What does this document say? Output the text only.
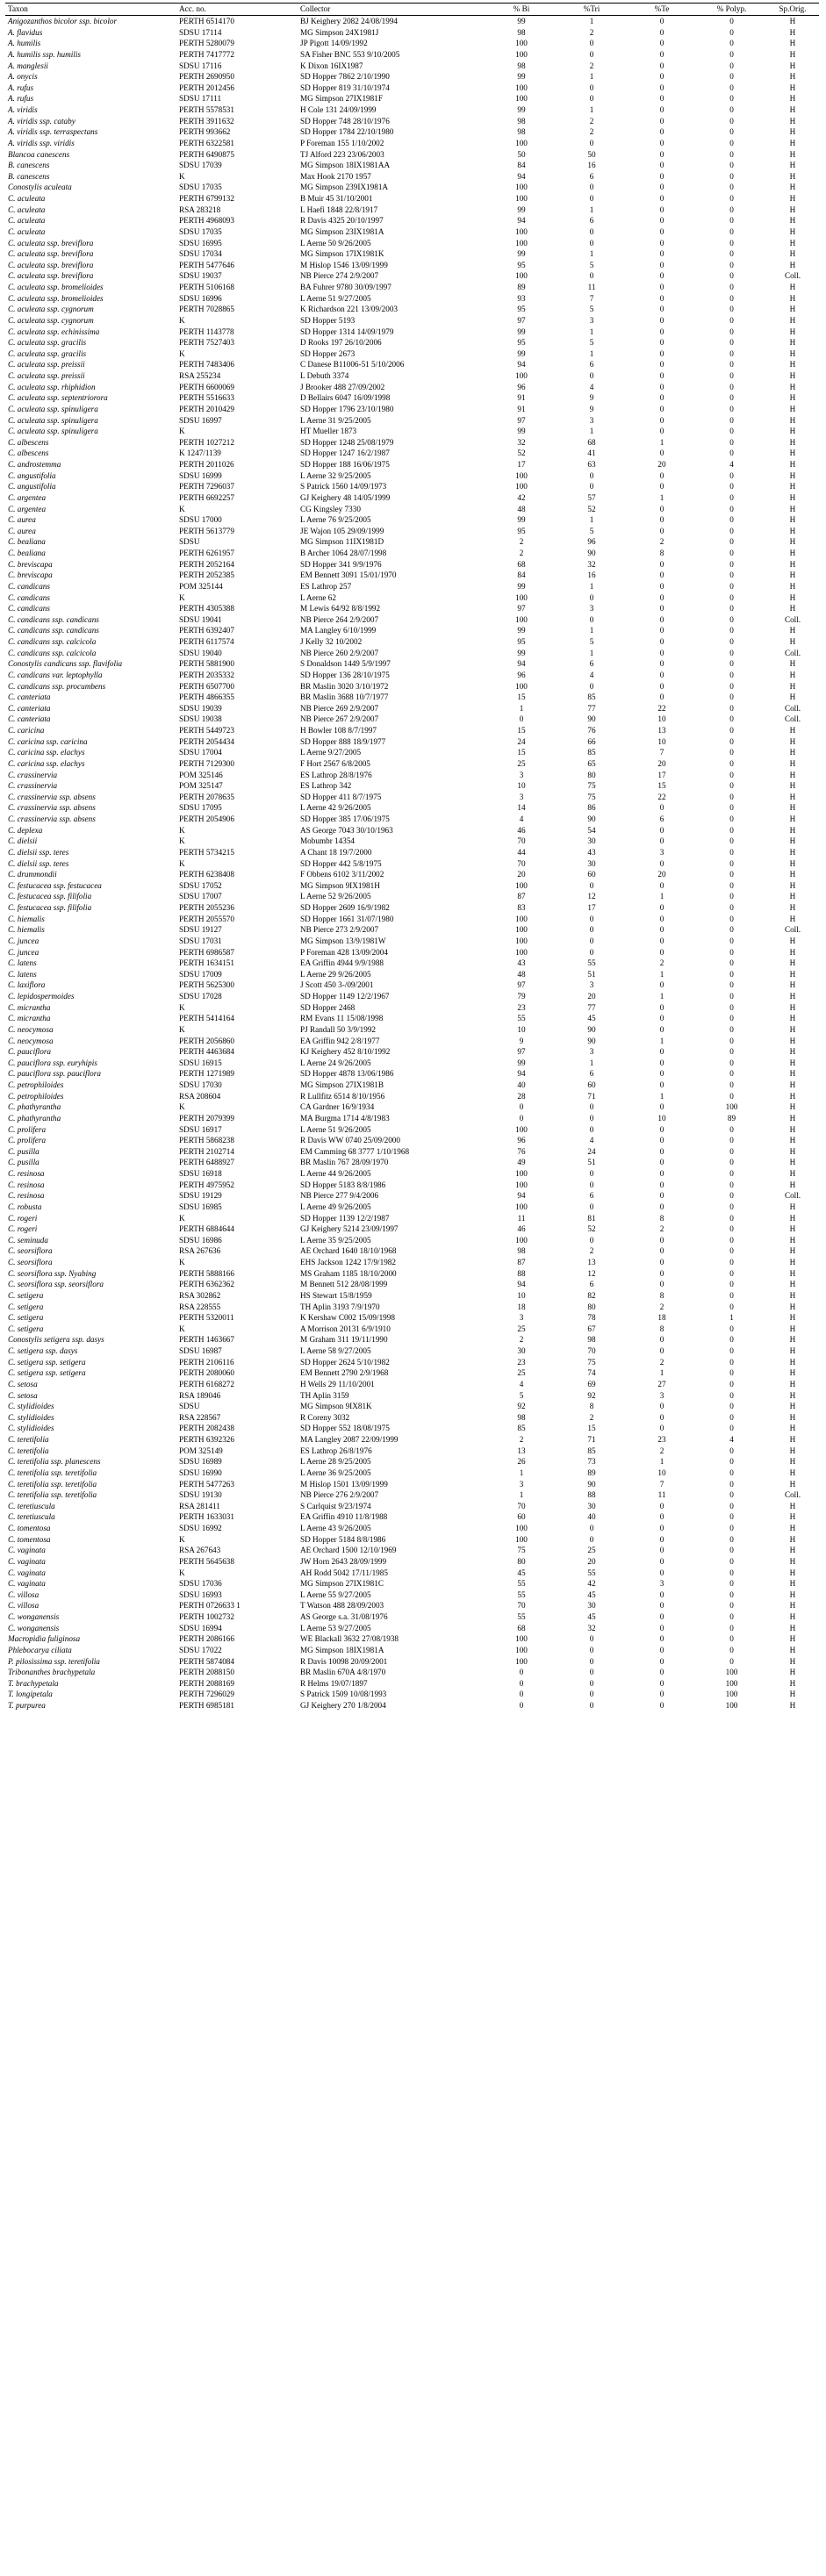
Taxon	Acc. no.	Collector	% Bi	%Tri	%Te	% Polyp.	Sp.Orig.
Anigozanthos bicolor ssp. bicolor	PERTH 6514170	BJ Keighery 2082 24/08/1994	99	1	0	0	H
A. flavidus	SDSU 17114	MG Simpson 24X1981J	98	2	0	0	H
A. humilis	PERTH 5280079	JP Pigott 14/09/1992	100	0	0	0	H
A. humilis ssp. humilis	PERTH 7417772	SA Fisher BNC 553 9/10/2005	100	0	0	0	H
A. manglesii	SDSU 17116	K Dixon 16IX1987	98	2	0	0	H
A. onycis	PERTH 2690950	SD Hopper 7862 2/10/1990	99	1	0	0	H
A. rufus	PERTH 2012456	SD Hopper 819 31/10/1974	100	0	0	0	H
A. rufus	SDSU 17111	MG Simpson 27IX1981F	100	0	0	0	H
A. viridis	PERTH 5578531	H Cole 131 24/09/1999	99	1	0	0	H
A. viridis ssp. cataby	PERTH 3911632	SD Hopper 748 28/10/1976	98	2	0	0	H
A. viridis ssp. terraspectans	PERTH 993662	SD Hopper 1784 22/10/1980	98	2	0	0	H
A. viridis ssp. viridis	PERTH 6322581	P Foreman 155 1/10/2002	100	0	0	0	H
Blancoa canescens	PERTH 6490875	TJ Alford 223 23/06/2003	50	50	0	0	H
B. canescens	SDSU 17039	MG Simpson 18IX1981AA	84	16	0	0	H
B. canescens	K	Max Hook 2170 1957	94	6	0	0	H
Conostylis aculeata	SDSU 17035	MG Simpson 239IX1981A	100	0	0	0	H
C. aculeata	PERTH 6799132	B Muir 45 31/10/2001	100	0	0	0	H
C. aculeata	RSA 283218	L Haefi 1848 22/8/1917	99	1	0	0	H
C. aculeata	PERTH 4968093	R Davis 4325 20/10/1997	94	6	0	0	H
C. aculeata	SDSU 17035	MG Simpson 23IX1981A	100	0	0	0	H
C. aculeata ssp. breviflora	SDSU 16995	L Aerne 50 9/26/2005	100	0	0	0	H
C. aculeata ssp. breviflora	SDSU 17034	MG Simpson 17IX1981K	99	1	0	0	H
C. aculeata ssp. breviflora	PERTH 5477646	M Hislop 1546 13/09/1999	95	5	0	0	H
C. aculeata ssp. breviflora	SDSU 19037	NB Pierce 274 2/9/2007	100	0	0	0	Coll.
C. aculeata ssp. bromelioides	PERTH 5106168	BA Fuhrer 9780 30/09/1997	89	11	0	0	H
C. aculeata ssp. bromelioides	SDSU 16996	L Aerne 51 9/27/2005	93	7	0	0	H
C. aculeata ssp. cygnorum	PERTH 7028865	K Richardson 221 13/09/2003	95	5	0	0	H
C. aculeata ssp. cygnorum	K	SD Hopper 5193	97	3	0	0	H
C. aculeata ssp. echinissima	PERTH 1143778	SD Hopper 1314 14/09/1979	99	1	0	0	H
C. aculeata ssp. gracilis	PERTH 7527403	D Rooks 197 26/10/2006	95	5	0	0	H
C. aculeata ssp. gracilis	K	SD Hopper 2673	99	1	0	0	H
C. aculeata ssp. preissii	PERTH 7483406	C Danese B11006-51 5/10/2006	94	6	0	0	H
C. aculeata ssp. preissii	RSA 255234	L Debuth 3374	100	0	0	0	H
C. aculeata ssp. rhiphidion	PERTH 6600069	J Brooker 488 27/09/2002	96	4	0	0	H
C. aculeata ssp. septentriorora	PERTH 5516633	D Bellairs 6047 16/09/1998	91	9	0	0	H
C. aculeata ssp. spinuligera	PERTH 2010429	SD Hopper 1796 23/10/1980	91	9	0	0	H
C. aculeata ssp. spinuligera	SDSU 16997	L Aerne 31 9/25/2005	97	3	0	0	H
C. aculeata ssp. spinuligera	K	HT Mueller 1873	99	1	0	0	H
C. albescens	PERTH 1027212	SD Hopper 1248 25/08/1979	32	68	1	0	H
C. albescens	K 1247/1139	SD Hopper 1247 16/2/1987	52	41	0	0	H
C. androstemma	PERTH 2011026	SD Hopper 188 16/06/1975	17	63	20	4	H
C. angustifolia	SDSU 16999	L Aerne 32 9/25/2005	100	0	0	0	H
C. angustifolia	PERTH 7296037	S Patrick 1560 14/09/1973	100	0	0	0	H
C. argentea	PERTH 6692257	GJ Keighery 48 14/05/1999	42	57	1	0	H
C. argentea	K	CG Kingsley 7330	48	52	0	0	H
C. aurea	SDSU 17000	L Aerne 76 9/25/2005	99	1	0	0	H
C. aurea	PERTH 5613779	JE Wajon 105 29/09/1999	95	5	0	0	H
C. bealiana	SDSU	MG Simpson 11IX1981D	2	96	2	0	H
C. bealiana	PERTH 6261957	B Archer 1064 28/07/1998	2	90	8	0	H
C. breviscapa	PERTH 2052164	SD Hopper 341 9/9/1976	68	32	0	0	H
C. breviscapa	PERTH 2052385	EM Bennett 3091 15/01/1970	84	16	0	0	H
C. candicans	POM 325144	ES Lathrop 257	99	1	0	0	H
C. candicans	K	L Aerne 62	100	0	0	0	H
C. candicans	PERTH 4305388	M Lewis 64/92 8/8/1992	97	3	0	0	H
C. candicans ssp. candicans	SDSU 19041	NB Pierce 264 2/9/2007	100	0	0	0	Coll.
C. candicans ssp. candicans	PERTH 6392407	MA Langley 6/10/1999	99	1	0	0	H
C. candicans ssp. calcicola	PERTH 6117574	J Kelly 32 10/2002	95	5	0	0	H
C. candicans ssp. calcicola	SDSU 19040	NB Pierce 260 2/9/2007	99	1	0	0	Coll.
Conostylis candicans ssp. flavifolia	PERTH 5881900	S Donaldson 1449 5/9/1997	94	6	0	0	H
C. candicans var. leptophylla	PERTH 2035332	SD Hopper 136 28/10/1975	96	4	0	0	H
C. candicans ssp. procumbens	PERTH 6507700	BR Maslin 3020 3/10/1972	100	0	0	0	H
C. canteriata	PERTH 4866355	BR Maslin 3688 10/7/1977	15	85	0	0	H
C. canteriata	SDSU 19039	NB Pierce 269 2/9/2007	1	77	22	0	Coll.
C. canteriata	SDSU 19038	NB Pierce 267 2/9/2007	0	90	10	0	Coll.
C. caricina	PERTH 5449723	H Bowler 108 8/7/1997	15	76	13	0	H
C. caricina ssp. caricina	PERTH 2054434	SD Hopper 888 18/9/1977	24	66	10	0	H
C. caricina ssp. elachys	SDSU 17004	L Aerne 9/27/2005	15	85	7	0	H
C. caricina ssp. elachys	PERTH 7129300	F Hort 2567 6/8/2005	25	65	20	0	H
C. crassinervia	POM 325146	ES Lathrop 28/8/1976	3	80	17	0	H
C. crassinervia	POM 325147	ES Lathrop 342	10	75	15	0	H
C. crassinervia ssp. absens	PERTH 2078635	SD Hopper 411 8/7/1975	3	75	22	0	H
C. crassinervia ssp. absens	SDSU 17095	L Aerne 42 9/26/2005	14	86	0	0	H
C. crassinervia ssp. absens	PERTH 2054906	SD Hopper 385 17/06/1975	4	90	6	0	H
C. deplexa	K	AS George 7043 30/10/1963	46	54	0	0	H
C. dielsii	K	Mobumbr 14354	70	30	0	0	H
C. dielsii ssp. teres	PERTH 5734215	A Chant 18 19/7/2000	44	43	3	0	H
C. dielsii ssp. teres	K	SD Hopper 442 5/8/1975	70	30	0	0	H
C. drummondii	PERTH 6238408	F Obbens 6102 3/11/2002	20	60	20	0	H
C. festucacea ssp. festucacea	SDSU 17052	MG Simpson 9IX1981H	100	0	0	0	H
C. festucacea ssp. filifolia	SDSU 17007	L Aerne 52 9/26/2005	87	12	1	0	H
C. festucacea ssp. filifolia	PERTH 2055236	SD Hopper 2609 16/9/1982	83	17	0	0	H
C. hiemalis	PERTH 2055570	SD Hopper 1661 31/07/1980	100	0	0	0	H
C. hiemalis	SDSU 19127	NB Pierce 273 2/9/2007	100	0	0	0	Coll.
C. juncea	SDSU 17031	MG Simpson 13/9/1981W	100	0	0	0	H
C. juncea	PERTH 6986587	P Foreman 428 13/09/2004	100	0	0	0	H
C. latens	PERTH 1634151	EA Griffin 4944 9/9/1988	43	55	2	0	H
C. latens	SDSU 17009	L Aerne 29 9/26/2005	48	51	1	0	H
C. laxiflora	PERTH 5625300	J Scott 450 3-/09/2001	97	3	0	0	H
C. lepidospermoides	SDSU 17028	SD Hopper 1149 12/2/1967	79	20	1	0	H
C. micrantha	K	SD Hopper 2468	23	77	0	0	H
C. micrantha	PERTH 5414164	RM Evans 11 15/08/1998	55	45	0	0	H
C. neocymosa	K	PJ Randall 50 3/9/1992	10	90	0	0	H
C. neocymosa	PERTH 2056860	EA Griffin 942 2/8/1977	9	90	1	0	H
C. pauciflora	PERTH 4463684	KJ Keighery 452 8/10/1992	97	3	0	0	H
C. pauciflora ssp. euryhipis	SDSU 16915	L Aerne 24 9/26/2005	99	1	0	0	H
C. pauciflora ssp. pauciflora	PERTH 1271989	SD Hopper 4878 13/06/1986	94	6	0	0	H
C. petrophiloides	SDSU 17030	MG Simpson 27IX1981B	40	60	0	0	H
C. petrophiloides	RSA 208604	R Lullfitz 6514 8/10/1956	28	71	1	0	H
C. phathyrantha	K	CA Gardner 16/9/1934	0	0	0	100	H
C. phathyrantha	PERTH 2079399	MA Burgma 1714 4/8/1983	0	0	10	89	H
C. prolifera	SDSU 16917	L Aerne 51 9/26/2005	100	0	0	0	H
C. prolifera	PERTH 5868238	R Davis WW 0740 25/09/2000	96	4	0	0	H
C. pusilla	PERTH 2102714	EM Camming 68 3777 1/10/1968	76	24	0	0	H
C. pusilla	PERTH 6488927	BR Maslin 767 28/09/1970	49	51	0	0	H
C. resinosa	SDSU 16918	L Aerne 44 9/26/2005	100	0	0	0	H
C. resinosa	PERTH 4975952	SD Hopper 5183 8/8/1986	100	0	0	0	H
C. resinosa	SDSU 19129	NB Pierce 277 9/4/2006	94	6	0	0	Coll.
C. robusta	SDSU 16985	L Aerne 49 9/26/2005	100	0	0	0	H
C. rogeri	K	SD Hopper 1139 12/2/1987	11	81	8	0	H
C. rogeri	PERTH 6884644	GJ Keighery 5214 23/09/1997	46	52	2	0	H
C. seminuda	SDSU 16986	L Aerne 35 9/25/2005	100	0	0	0	H
C. seorsiflora	RSA 267636	AE Orchard 1640 18/10/1968	98	2	0	0	H
C. seorsiflora	K	EHS Jackson 1242 17/9/1982	87	13	0	0	H
C. seorsiflora ssp. Nyabing	PERTH 5888166	MS Graham 1185 18/10/2000	88	12	0	0	H
C. seorsiflora ssp. seorsiflora	PERTH 6362362	M Bennett 512 28/08/1999	94	6	0	0	H
C. setigera	RSA 302862	HS Stewart 15/8/1959	10	82	8	0	H
C. setigera	RSA 228555	TH Aplin 3193 7/9/1970	18	80	2	0	H
C. setigera	PERTH 5320011	K Kershaw C002 15/09/1998	3	78	18	1	H
C. setigera	K	A Morrison 20131 6/9/1910	25	67	8	0	H
Conostylis setigera ssp. dasys	PERTH 1463667	M Graham 311 19/11/1990	2	98	0	0	H
C. setigera ssp. dasys	SDSU 16987	L Aerne 58 9/27/2005	30	70	0	0	H
C. setigera ssp. setigera	PERTH 2106116	SD Hopper 2624 5/10/1982	23	75	2	0	H
C. setigera ssp. setigera	PERTH 2080060	EM Bennett 2790 2/9/1968	25	74	1	0	H
C. setosa	PERTH 6168272	H Wells 29 11/10/2001	4	69	27	0	H
C. setosa	RSA 189046	TH Aplin 3159	5	92	3	0	H
C. stylidioides	SDSU	MG Simpson 9IX81K	92	8	0	0	H
C. stylidioides	RSA 228567	R Coreny 3032	98	2	0	0	H
C. stylidioides	PERTH 2082438	SD Hopper 552 18/08/1975	85	15	0	0	H
C. teretifolia	PERTH 6392326	MA Langley 2087 22/09/1999	2	71	23	4	H
C. teretifolia	POM 325149	ES Lathrop 26/8/1976	13	85	2	0	H
C. teretifolia ssp. planescens	SDSU 16989	L Aerne 28 9/25/2005	26	73	1	0	H
C. teretifolia ssp. teretifolia	SDSU 16990	L Aerne 36 9/25/2005	1	89	10	0	H
C. teretifolia ssp. teretifolia	PERTH 5477263	M Hislop 1501 13/09/1999	3	90	7	0	H
C. teretifolia ssp. teretifolia	SDSU 19130	NB Pierce 276 2/9/2007	1	88	11	0	Coll.
C. teretiuscula	RSA 281411	S Carlquist 9/23/1974	70	30	0	0	H
C. teretiuscula	PERTH 1633031	EA Griffin 4910 11/8/1988	60	40	0	0	H
C. tomentosa	SDSU 16992	L Aerne 43 9/26/2005	100	0	0	0	H
C. tomentosa	K	SD Hopper 5184 8/8/1986	100	0	0	0	H
C. vaginata	RSA 267643	AE Orchard 1500 12/10/1969	75	25	0	0	H
C. vaginata	PERTH 5645638	JW Horn 2643 28/09/1999	80	20	0	0	H
C. vaginata	K	AH Rodd 5042 17/11/1985	45	55	0	0	H
C. vaginata	SDSU 17036	MG Simpson 27IX1981C	55	42	3	0	H
C. villosa	SDSU 16993	L Aerne 55 9/27/2005	55	45	0	0	H
C. villosa	PERTH 0726633 1	T Watson 488 28/09/2003	70	30	0	0	H
C. wonganensis	PERTH 1002732	AS George s.a. 31/08/1976	55	45	0	0	H
C. wonganensis	SDSU 16994	L Aerne 53 9/27/2005	68	32	0	0	H
Macropidia fuliginosa	PERTH 2086166	WE Blackall 3632 27/08/1938	100	0	0	0	H
Phlebocarya ciliata	SDSU 17022	MG Simpson 18IX1981A	100	0	0	0	H
P. pilosissima ssp. teretifolia	PERTH 5874084	R Davis 10098 20/09/2001	100	0	0	0	H
Tribonanthes brachypetala	PERTH 2088150	BR Maslin 670A 4/8/1970	0	0	0	100	H
T. brachypetala	PERTH 2088169	R Helms 19/07/1897	0	0	0	100	H
T. longipetala	PERTH 7296029	S Patrick 1509 10/08/1993	0	0	0	100	H
T. purpurea	PERTH 6985181	GJ Keighery 270 1/8/2004	0	0	0	100	H
